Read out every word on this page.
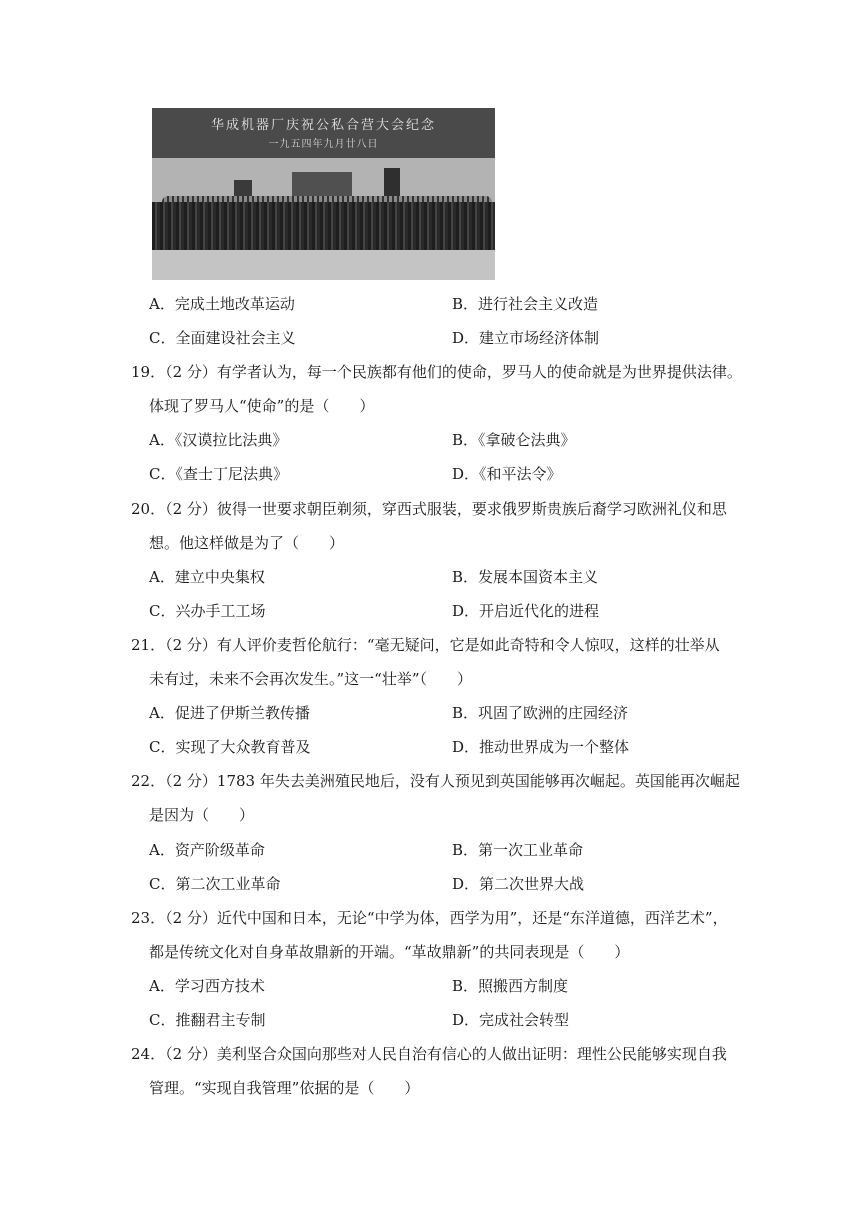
华成机器厂庆祝公私合营大会纪念
一九五四年九月廿八日
A．完成土地改革运动	B．进行社会主义改造
C．全面建设社会主义	D．建立市场经济体制
19．（2 分）有学者认为，每一个民族都有他们的使命，罗马人的使命就是为世界提供法律。
体现了罗马人“使命”的是（　　）
A．《汉谟拉比法典》	B．《拿破仑法典》
C．《查士丁尼法典》	D．《和平法令》
20．（2 分）彼得一世要求朝臣剃须，穿西式服装，要求俄罗斯贵族后裔学习欧洲礼仪和思
想。他这样做是为了（　　）
A．建立中央集权	B．发展本国资本主义
C．兴办手工工场	D．开启近代化的进程
21．（2 分）有人评价麦哲伦航行：“毫无疑问，它是如此奇特和令人惊叹，这样的壮举从
未有过，未来不会再次发生。”这一“壮举”（　　）
A．促进了伊斯兰教传播	B．巩固了欧洲的庄园经济
C．实现了大众教育普及	D．推动世界成为一个整体
22．（2 分）1783 年失去美洲殖民地后，没有人预见到英国能够再次崛起。英国能再次崛起
是因为（　　）
A．资产阶级革命	B．第一次工业革命
C．第二次工业革命	D．第二次世界大战
23．（2 分）近代中国和日本，无论“中学为体，西学为用”，还是“东洋道德，西洋艺术”，
都是传统文化对自身革故鼎新的开端。“革故鼎新”的共同表现是（　　）
A．学习西方技术	B．照搬西方制度
C．推翻君主专制	D．完成社会转型
24．（2 分）美利坚合众国向那些对人民自治有信心的人做出证明：理性公民能够实现自我
管理。“实现自我管理”依据的是（　　）
